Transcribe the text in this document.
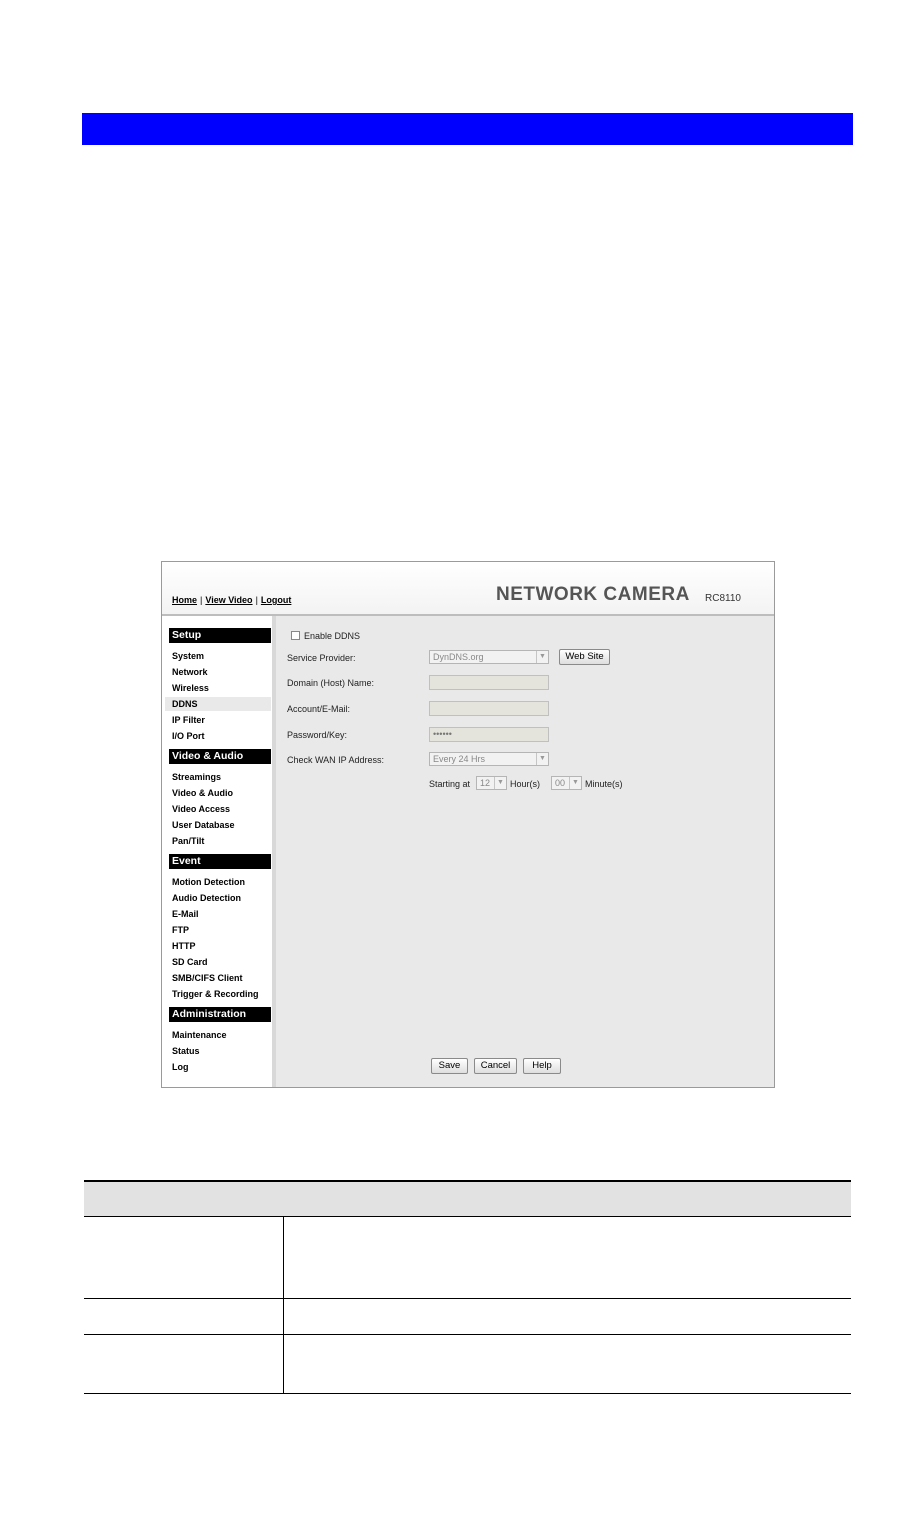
Home | View Video | Logout	NETWORK CAMERA RC8110
Setup
System
Network
Wireless
DDNS
IP Filter
I/O Port
Video & Audio
Streamings
Video & Audio
Video Access
User Database
Pan/Tilt
Event
Motion Detection
Audio Detection
E-Mail
FTP
HTTP
SD Card
SMB/CIFS Client
Trigger & Recording
Administration
Maintenance
Status
Log
Enable DDNS
Service Provider:	DynDNS.org	▼	Web Site
Domain (Host) Name:
Account/E-Mail:
Password/Key:	••••••
Check WAN IP Address:	Every 24 Hrs	▼
Starting at	12	▼ Hour(s)	00	▼ Minute(s)
Save	Cancel	Help
